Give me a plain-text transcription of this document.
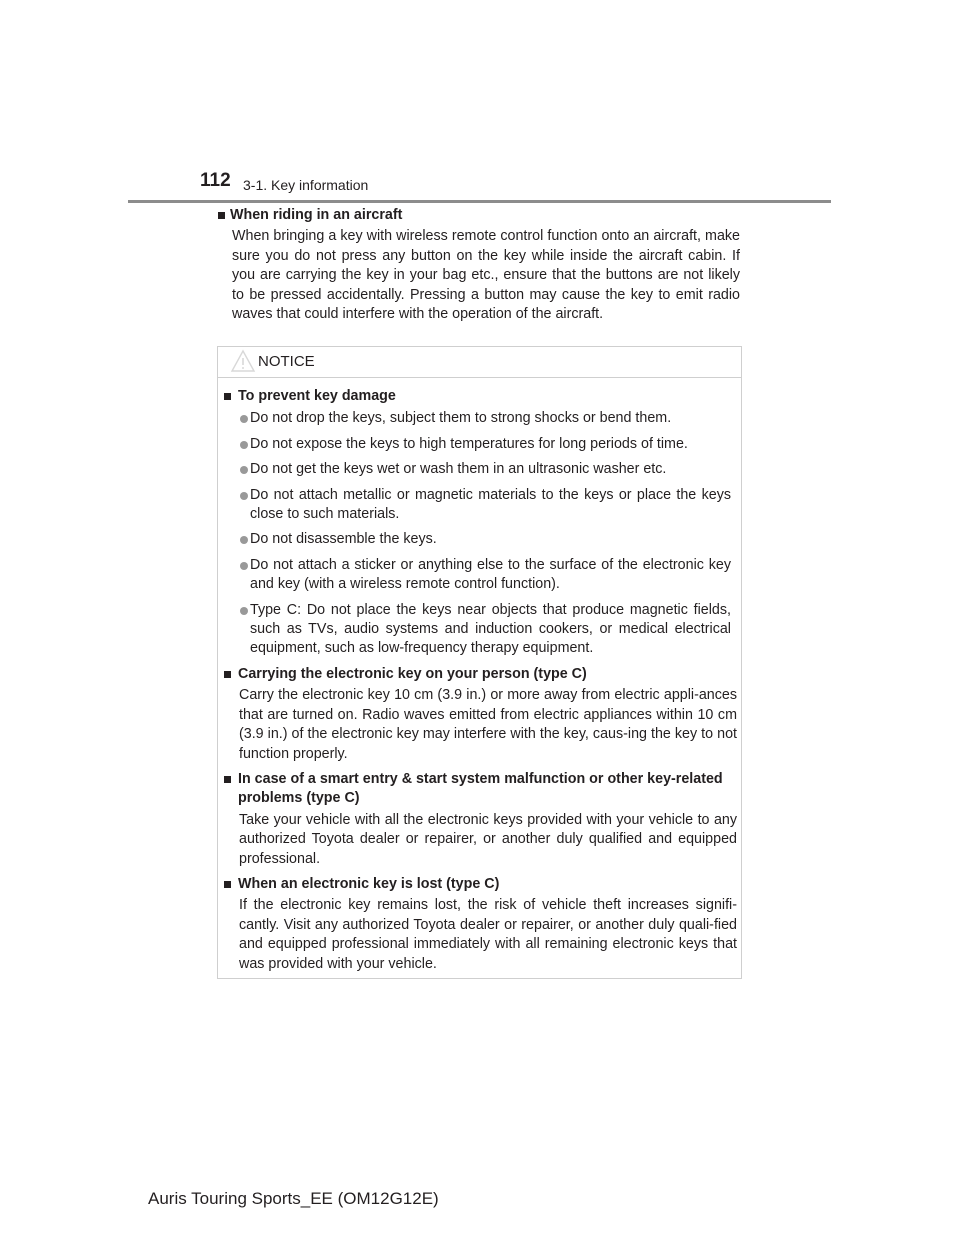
112 3-1. Key information
When riding in an aircraft
When bringing a key with wireless remote control function onto an aircraft, make sure you do not press any button on the key while inside the aircraft cabin. If you are carrying the key in your bag etc., ensure that the buttons are not likely to be pressed accidentally. Pressing a button may cause the key to emit radio waves that could interfere with the operation of the aircraft.
NOTICE
To prevent key damage
Do not drop the keys, subject them to strong shocks or bend them.
Do not expose the keys to high temperatures for long periods of time.
Do not get the keys wet or wash them in an ultrasonic washer etc.
Do not attach metallic or magnetic materials to the keys or place the keys close to such materials.
Do not disassemble the keys.
Do not attach a sticker or anything else to the surface of the electronic key and key (with a wireless remote control function).
Type C: Do not place the keys near objects that produce magnetic fields, such as TVs, audio systems and induction cookers, or medical electrical equipment, such as low-frequency therapy equipment.
Carrying the electronic key on your person (type C)
Carry the electronic key 10 cm (3.9 in.) or more away from electric appli-ances that are turned on. Radio waves emitted from electric appliances within 10 cm (3.9 in.) of the electronic key may interfere with the key, caus-ing the key to not function properly.
In case of a smart entry & start system malfunction or other key-related problems (type C)
Take your vehicle with all the electronic keys provided with your vehicle to any authorized Toyota dealer or repairer, or another duly qualified and equipped professional.
When an electronic key is lost (type C)
If the electronic key remains lost, the risk of vehicle theft increases signifi-cantly. Visit any authorized Toyota dealer or repairer, or another duly quali-fied and equipped professional immediately with all remaining electronic keys that was provided with your vehicle.
Auris Touring Sports_EE (OM12G12E)
